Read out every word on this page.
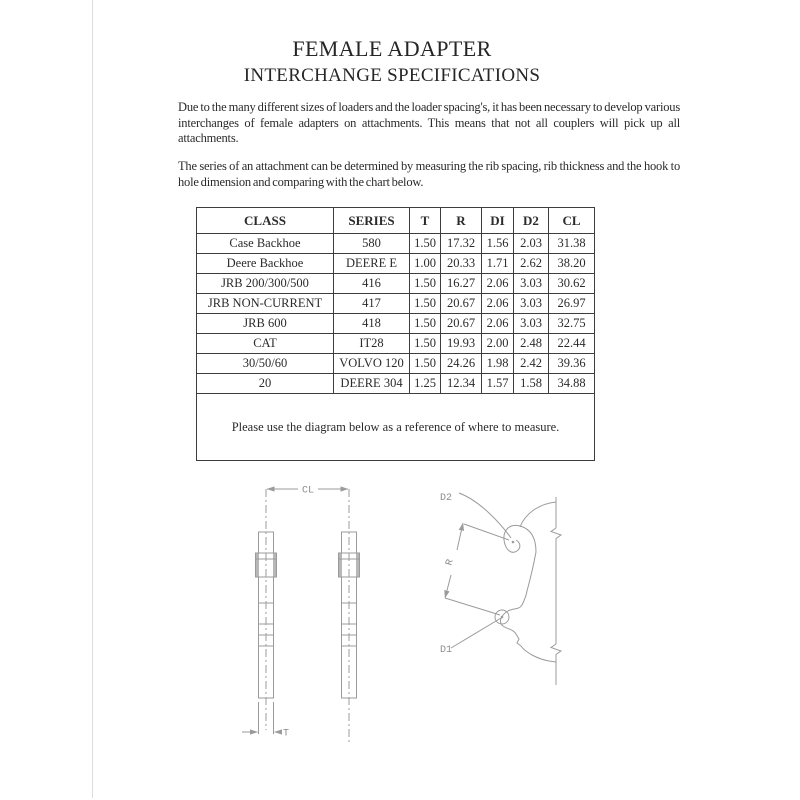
FEMALE ADAPTER
INTERCHANGE SPECIFICATIONS

Due to the many different sizes of loaders and the loader spacing's, it has been necessary to develop various interchanges of female adapters on attachments. This means that not all couplers will pick up all attachments.

The series of an attachment can be determined by measuring the rib spacing, rib thickness and the hook to hole dimension and comparing with the chart below.

CLASS	SERIES	T	R	DI	D2	CL
Case Backhoe	580	1.50	17.32	1.56	2.03	31.38
Deere Backhoe	DEERE E	1.00	20.33	1.71	2.62	38.20
JRB 200/300/500	416	1.50	16.27	2.06	3.03	30.62
JRB NON-CURRENT	417	1.50	20.67	2.06	3.03	26.97
JRB 600	418	1.50	20.67	2.06	3.03	32.75
CAT	IT28	1.50	19.93	2.00	2.48	22.44
30/50/60	VOLVO 120	1.50	24.26	1.98	2.42	39.36
20	DEERE 304	1.25	12.34	1.57	1.58	34.88
Please use the diagram below as a reference of where to measure.						
CL
T
D2
D1
R
